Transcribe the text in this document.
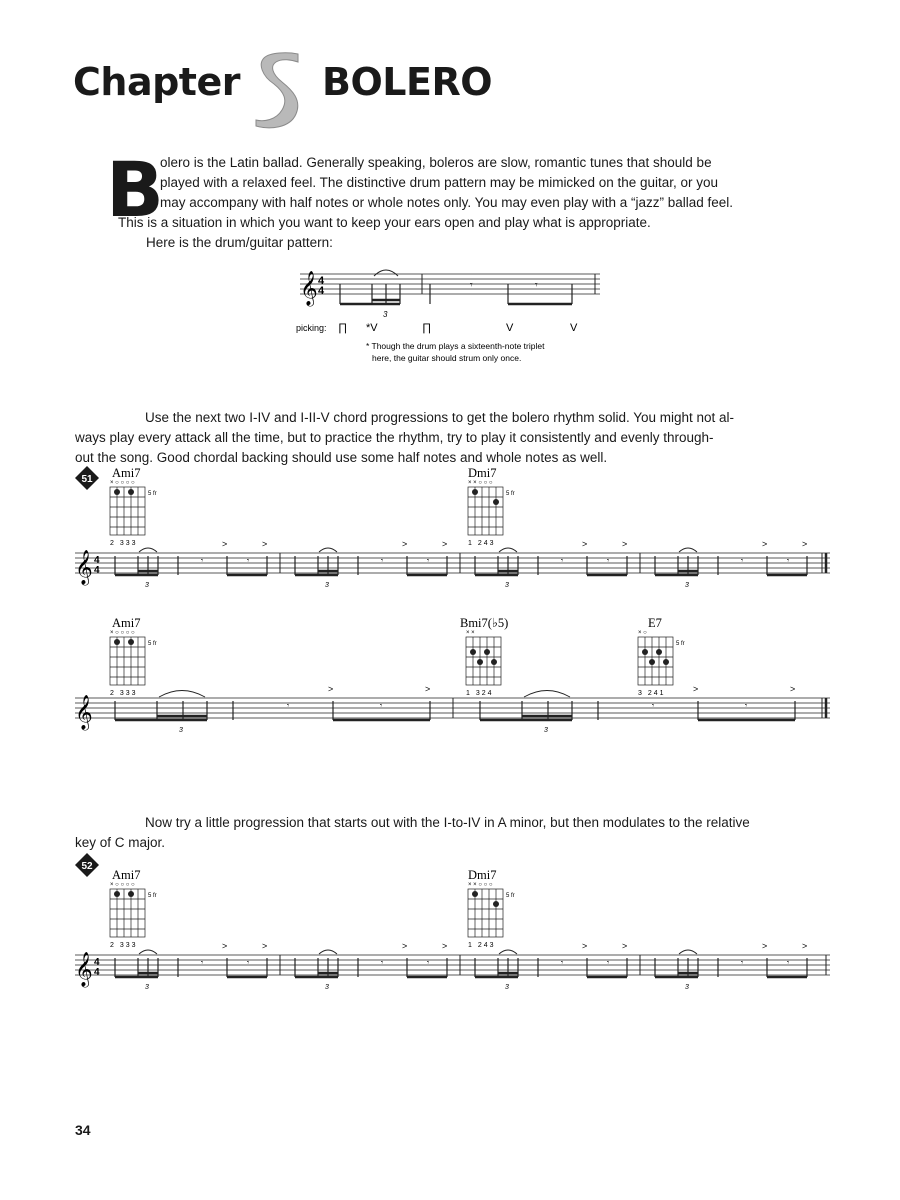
Chapter BOLERO
B

olero is the Latin ballad. Generally speaking, boleros are slow, romantic tunes that should be

played with a relaxed feel. The distinctive drum pattern may be mimicked on the guitar, or you

may accompany with half notes or whole notes only. You may even play with a “jazz” ballad feel.

This is a situation in which you want to keep your ears open and play what is appropriate.

Here is the drum/guitar pattern:

𝄞 4
4
3
𝄾	𝄾
picking: ∏ *V	∏	V	V
* Though the drum plays a sixteenth-note triplet
here, the guitar should strum only once.
Use the next two I-IV and I-II-V chord progressions to get the bolero rhythm solid. You might not al-
ways play every attack all the time, but to practice the rhythm, try to play it consistently and evenly through-
out the song. Good chordal backing should use some half notes and whole notes as well.
51 Ami7
× ○ ○ ○ ○
5 fr
2 333
Dmi7
× × ○ ○ ○
5 fr
1 243
𝄞 4
4
3
𝄾	𝄾
>	>
3
𝄾	𝄾
>	>
3
𝄾	𝄾
>	>
3
𝄾	𝄾
>	>
Ami7
× ○ ○ ○ ○
5 fr
2 333
Bmi7(♭5)
× ×
1 324
E7
× ○
5 fr
3 241
𝄞
3
𝄾	𝄾
>	>
3
𝄾	𝄾
>	>
Now try a little progression that starts out with the I-to-IV in A minor, but then modulates to the relative
key of C major.
52
Ami7
× ○ ○ ○ ○
5 fr
2 333
Dmi7
× × ○ ○ ○
5 fr
1 243
𝄞 4
4
3
𝄾	𝄾
>	>
3
𝄾	𝄾
>	>
3
𝄾	𝄾
>	>
3
𝄾	𝄾
>	>
34
